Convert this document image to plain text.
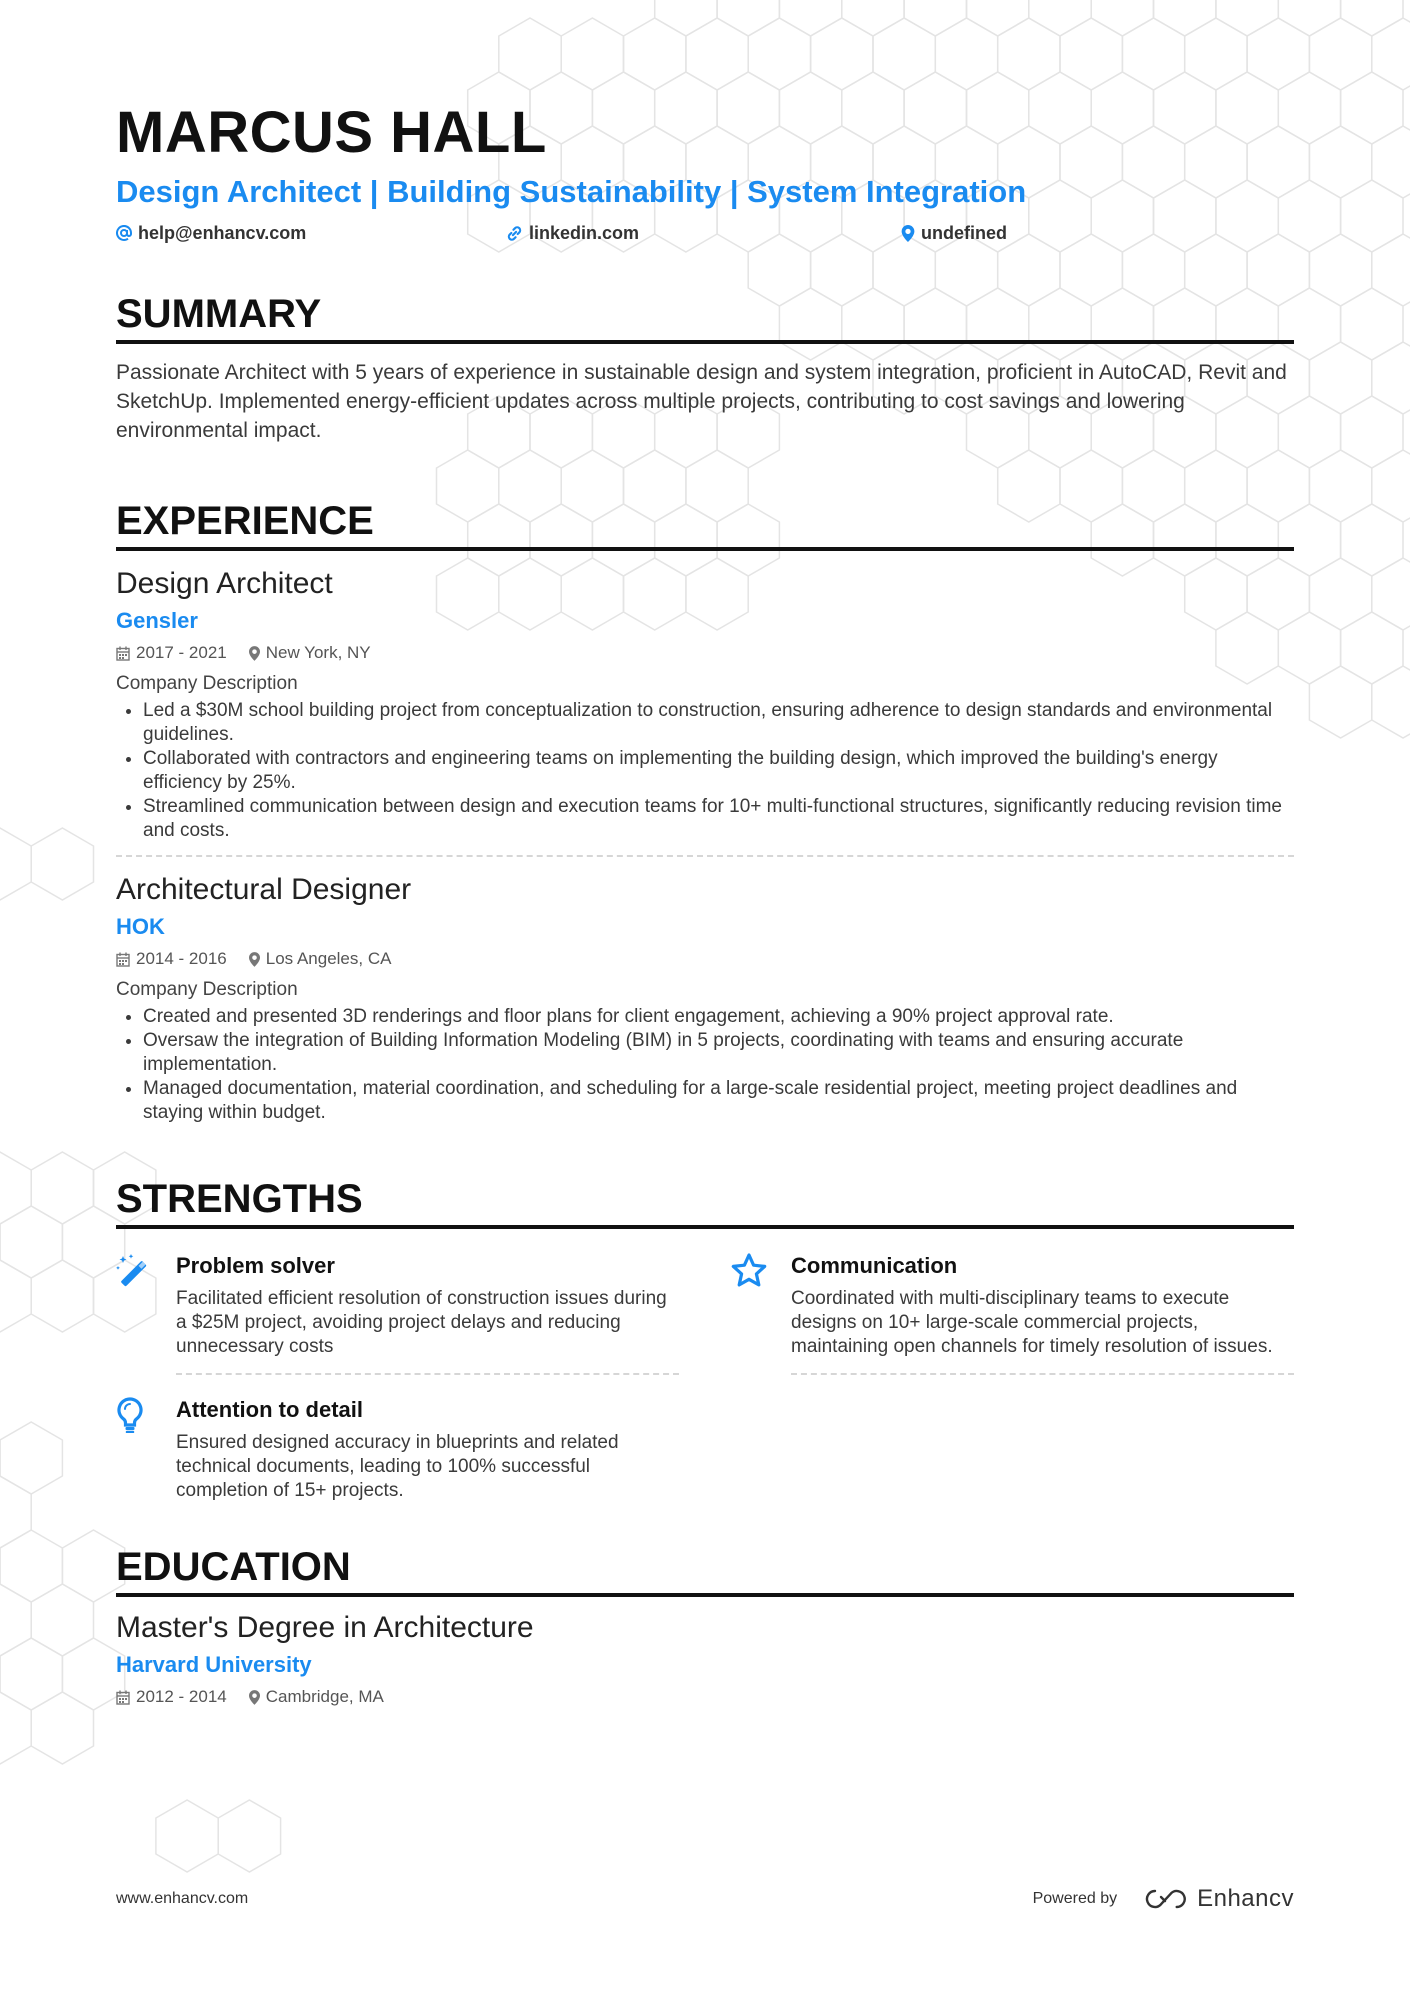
MARCUS HALL
Design Architect | Building Sustainability | System Integration
help@enhancv.com	linkedin.com	undefined
SUMMARY
Passionate Architect with 5 years of experience in sustainable design and system integration, proficient in AutoCAD, Revit and SketchUp. Implemented energy-efficient updates across multiple projects, contributing to cost savings and lowering environmental impact.
EXPERIENCE
Design Architect
Gensler
2017 - 2021 New York, NY
Company Description
• Led a $30M school building project from conceptualization to construction, ensuring adherence to design standards and environmental guidelines.
• Collaborated with contractors and engineering teams on implementing the building design, which improved the building's energy efficiency by 25%.
• Streamlined communication between design and execution teams for 10+ multi-functional structures, significantly reducing revision time and costs.
Architectural Designer
HOK
2014 - 2016 Los Angeles, CA
Company Description
• Created and presented 3D renderings and floor plans for client engagement, achieving a 90% project approval rate.
• Oversaw the integration of Building Information Modeling (BIM) in 5 projects, coordinating with teams and ensuring accurate implementation.
• Managed documentation, material coordination, and scheduling for a large-scale residential project, meeting project deadlines and staying within budget.
STRENGTHS
Problem solver
Facilitated efficient resolution of construction issues during a $25M project, avoiding project delays and reducing unnecessary costs
Communication
Coordinated with multi-disciplinary teams to execute designs on 10+ large-scale commercial projects, maintaining open channels for timely resolution of issues.
Attention to detail
Ensured designed accuracy in blueprints and related technical documents, leading to 100% successful completion of 15+ projects.
EDUCATION
Master's Degree in Architecture
Harvard University
2012 - 2014 Cambridge, MA
www.enhancv.com	Powered by	Enhancv
